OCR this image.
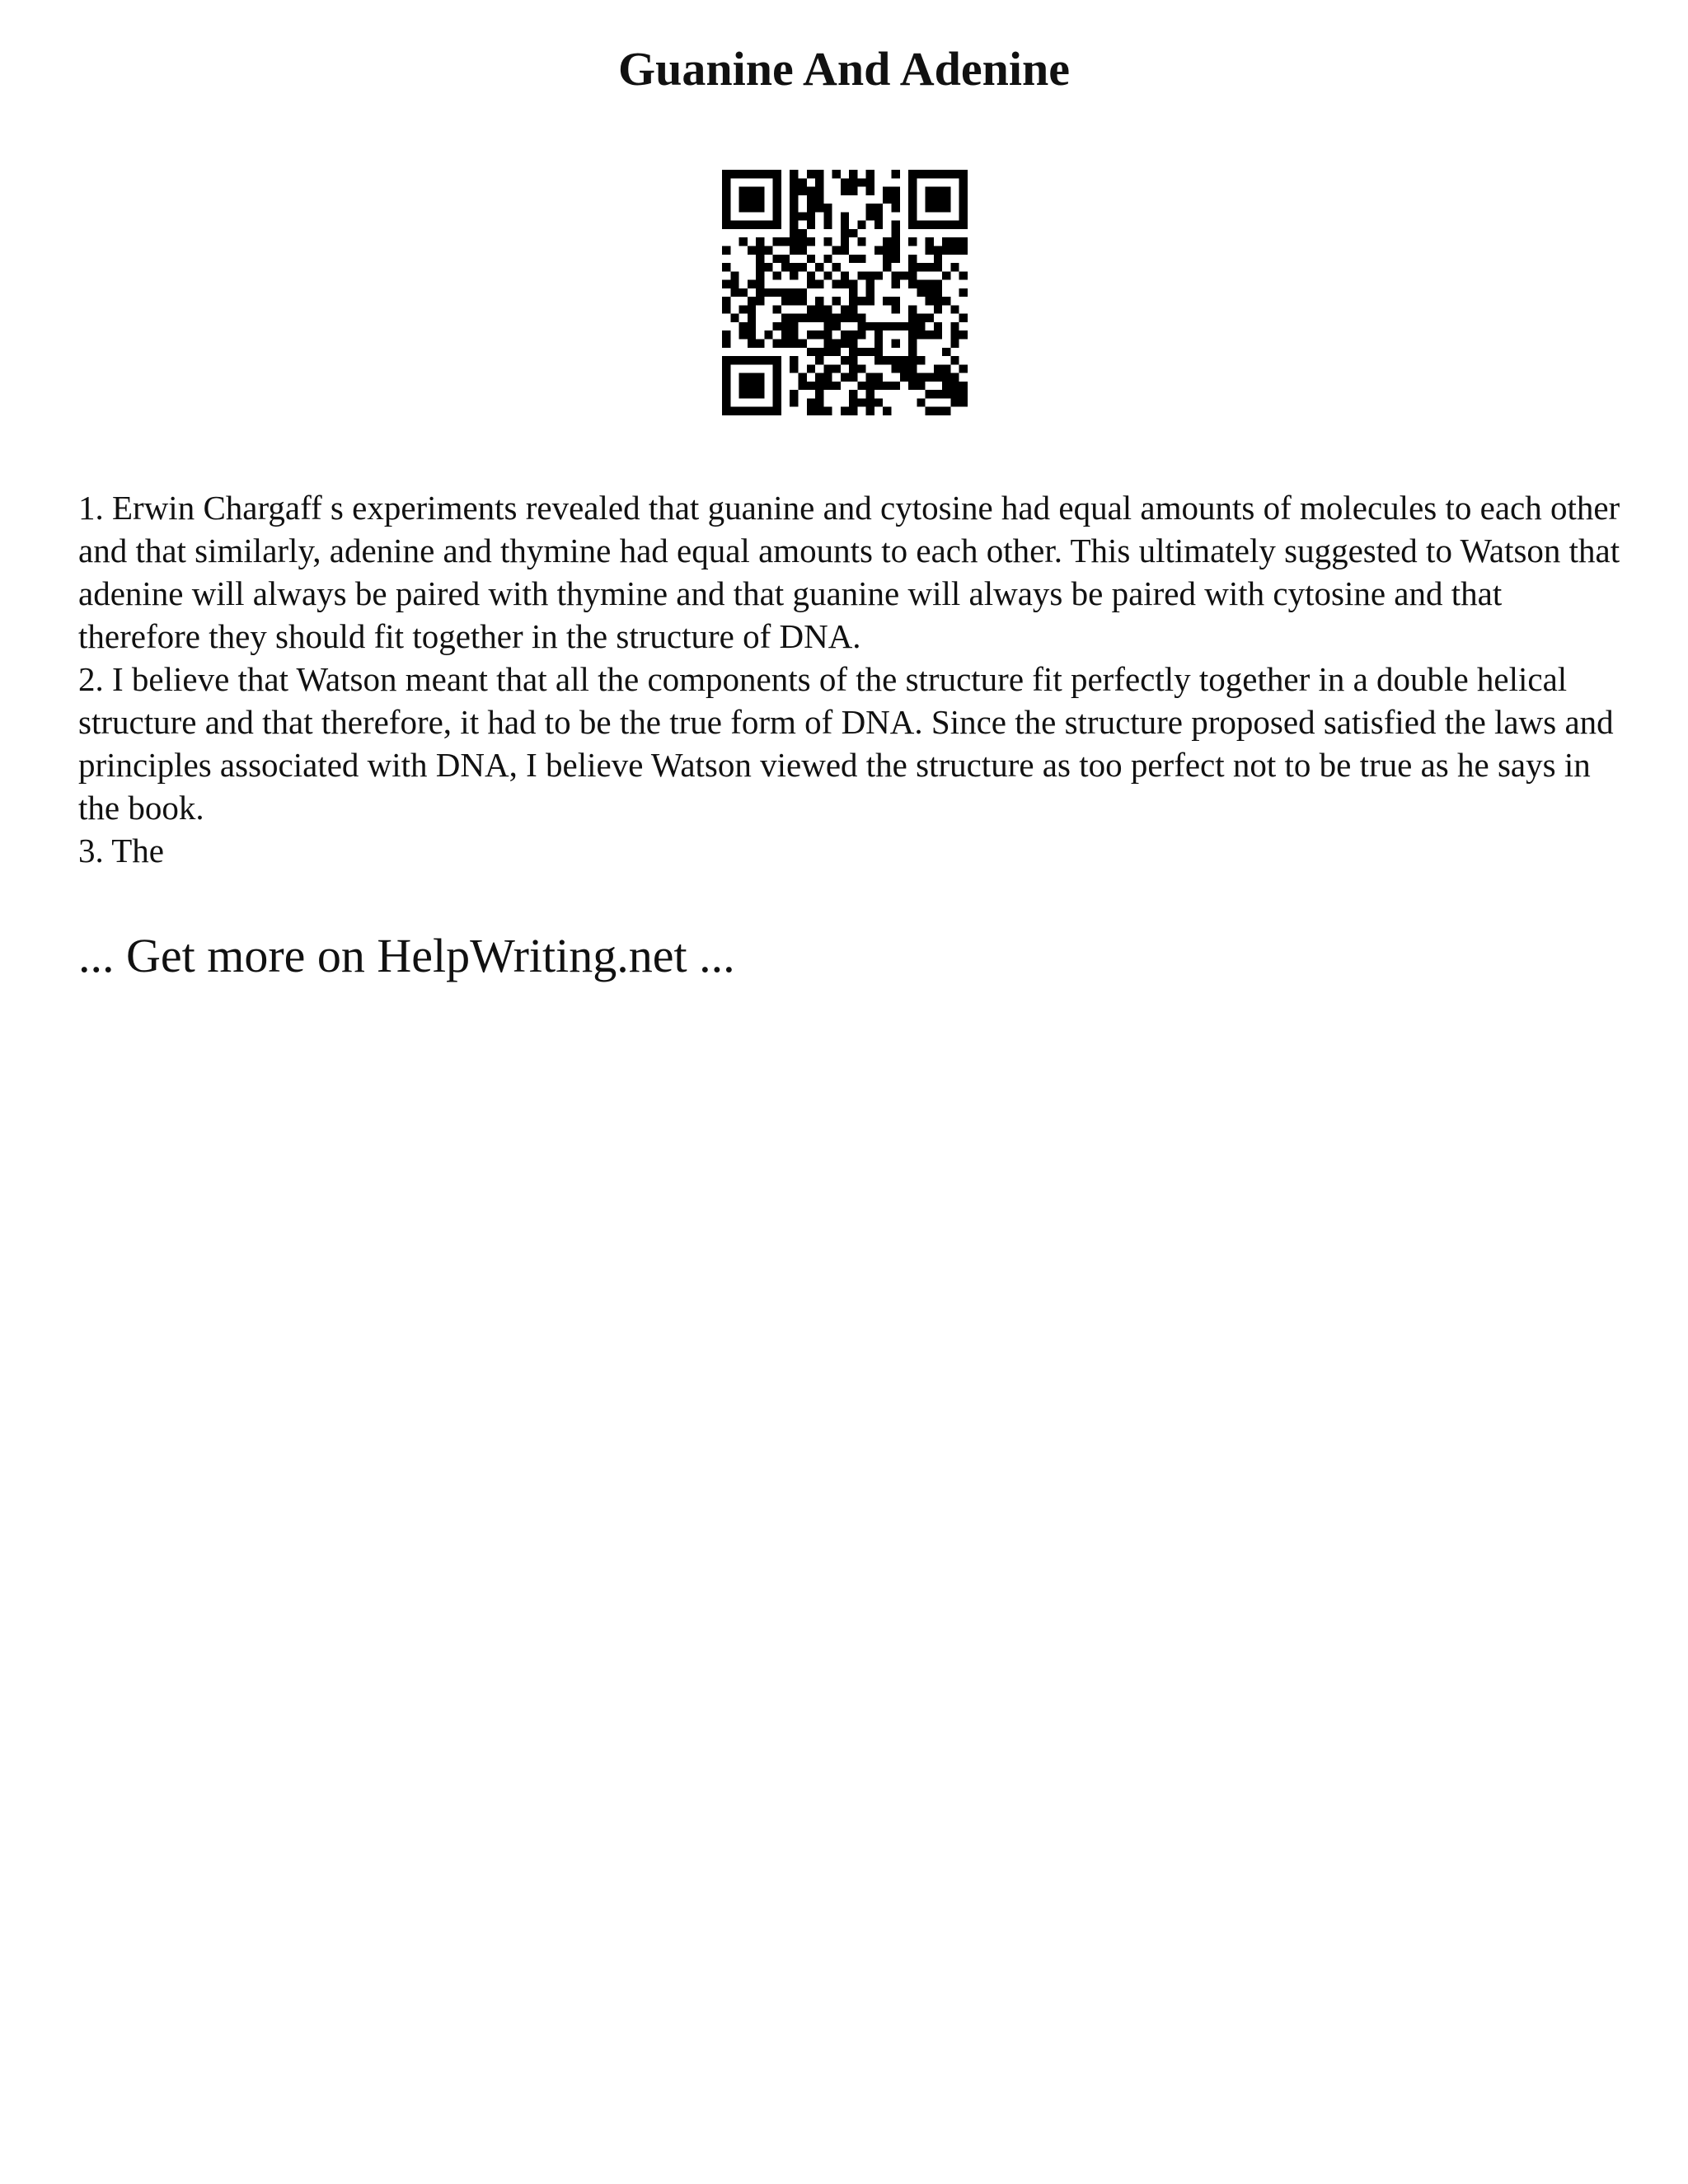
Guanine And Adenine

1. Erwin Chargaff s experiments revealed that guanine and cytosine had equal amounts of molecules to each other and that similarly, adenine and thymine had equal amounts to each other. This ultimately suggested to Watson that adenine will always be paired with thymine and that guanine will always be paired with cytosine and that therefore they should fit together in the structure of DNA.

2. I believe that Watson meant that all the components of the structure fit perfectly together in a double helical structure and that therefore, it had to be the true form of DNA. Since the structure proposed satisfied the laws and principles associated with DNA, I believe Watson viewed the structure as too perfect not to be true as he says in the book.

3. The

... Get more on HelpWriting.net ...
